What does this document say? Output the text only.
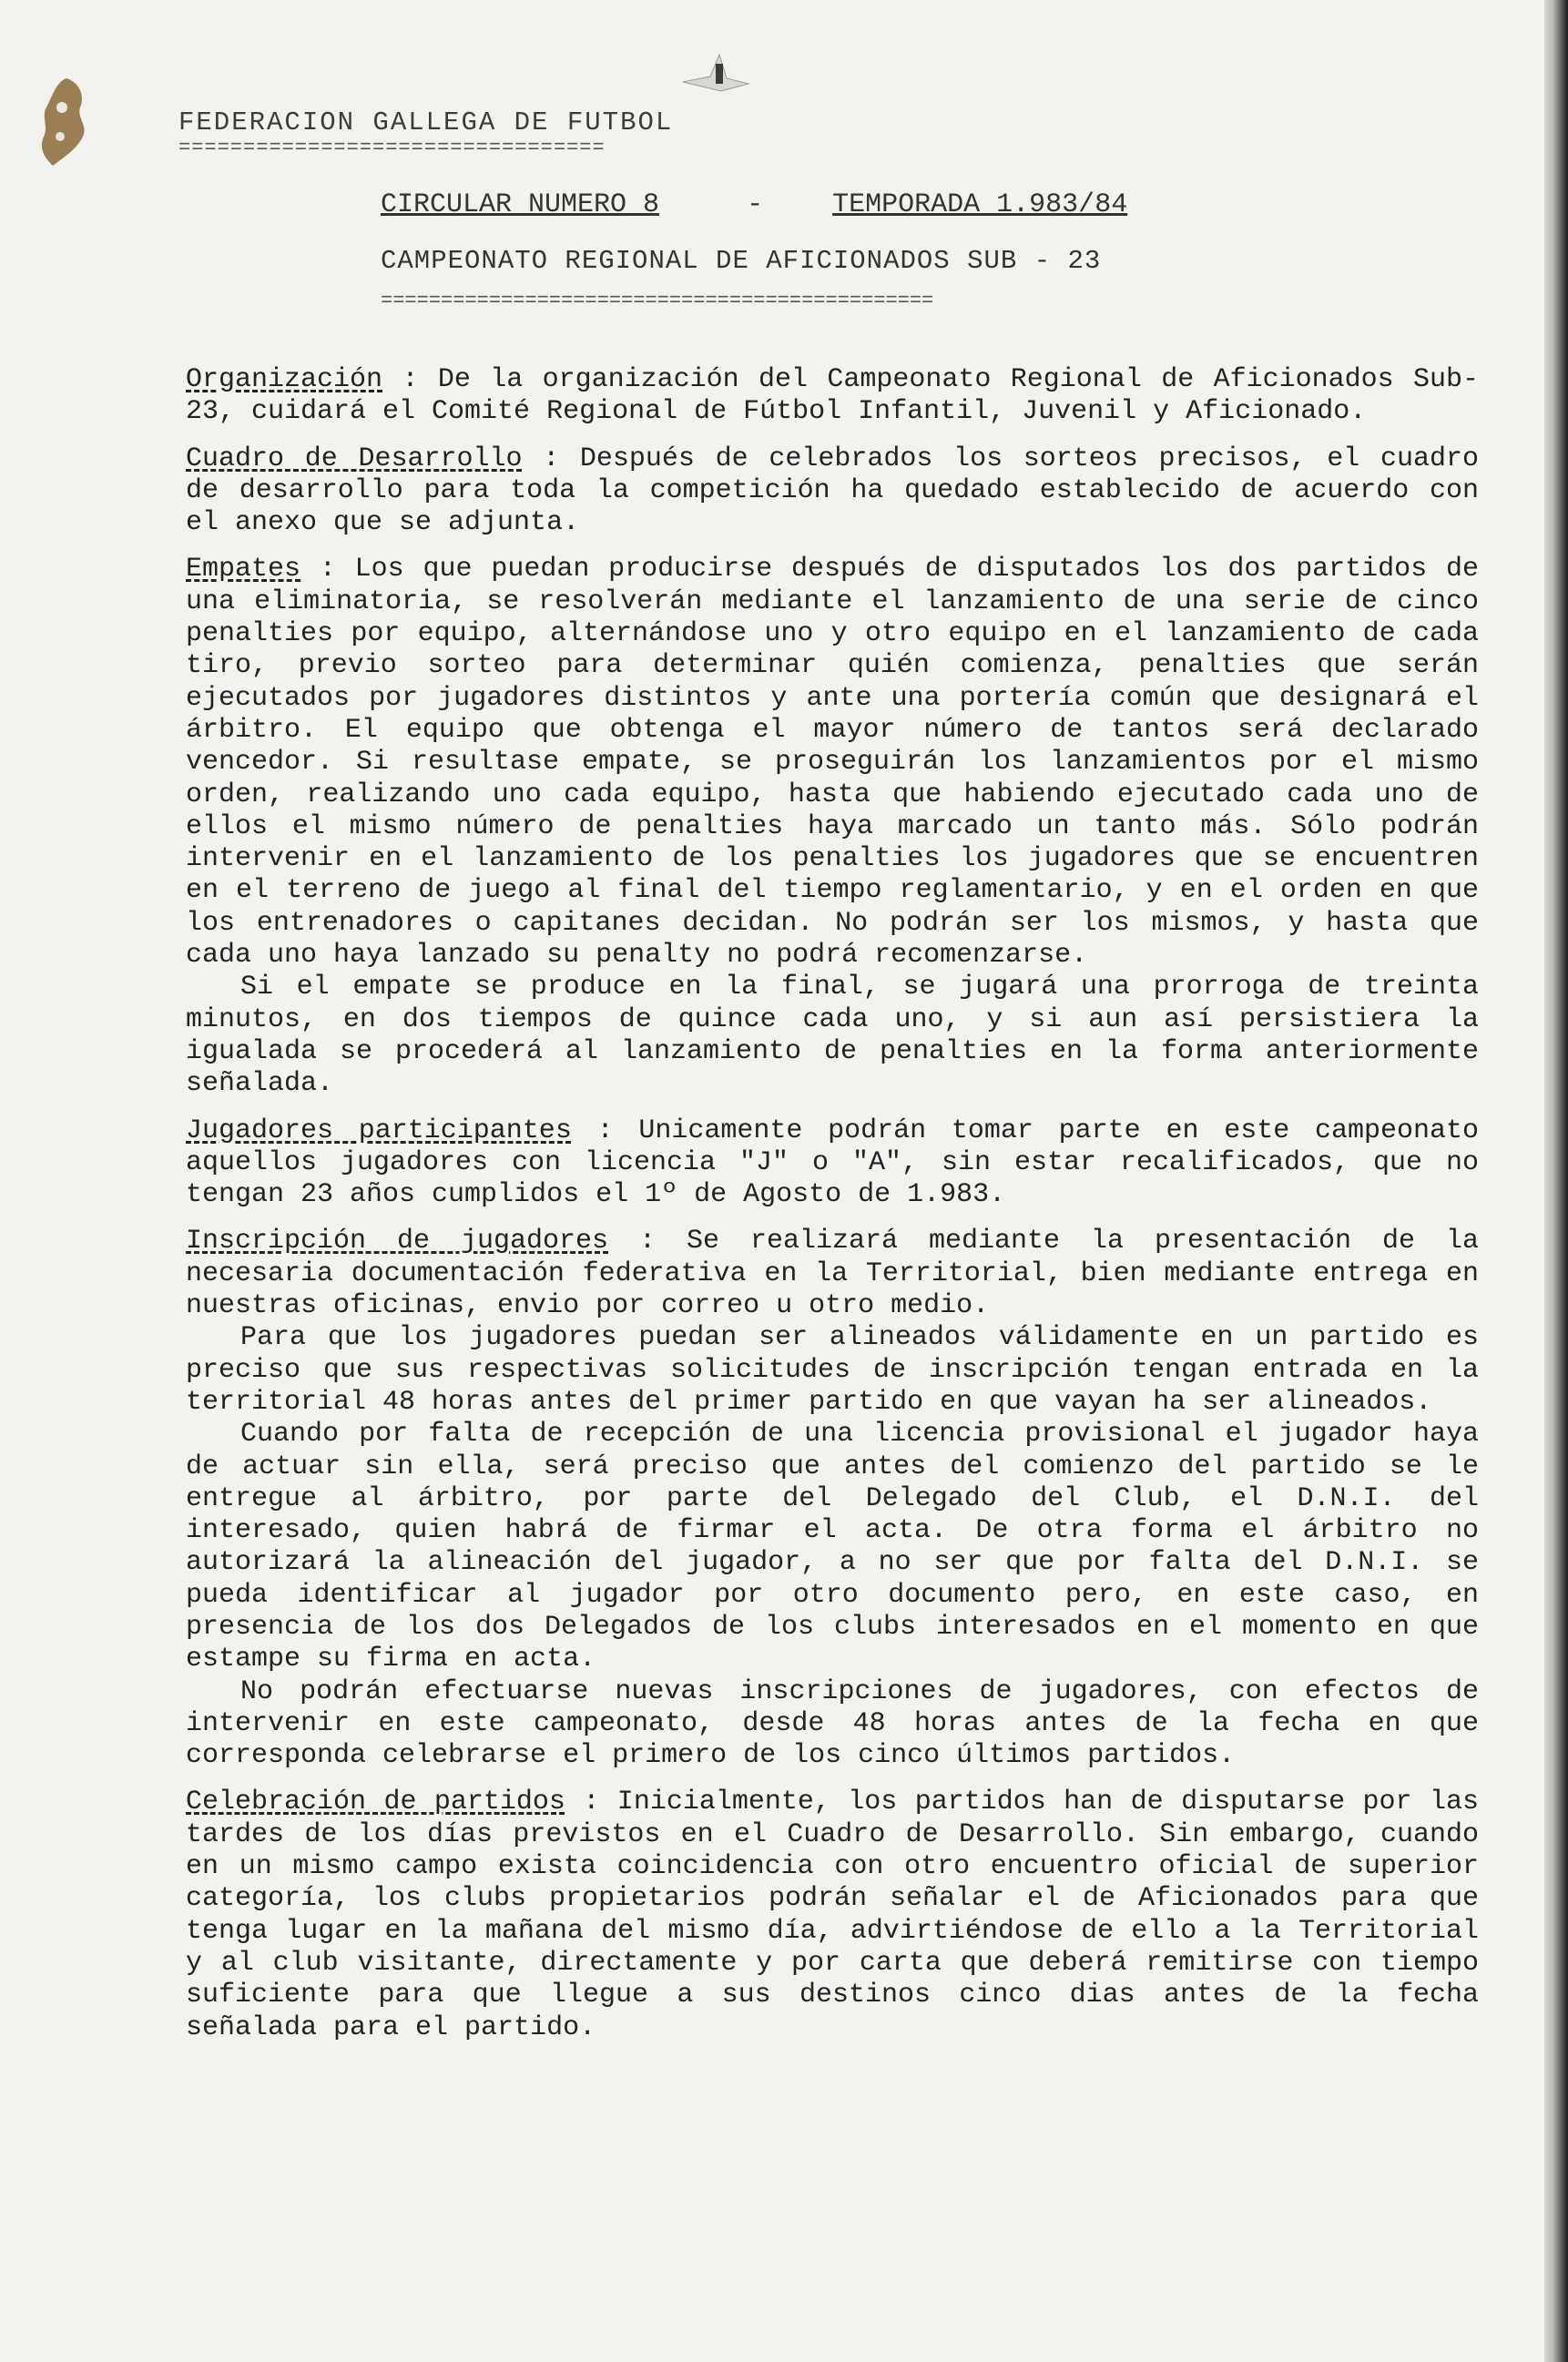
FEDERACION GALLEGA DE FUTBOL
=================================
CIRCULAR NUMERO 8	-	TEMPORADA 1.983/84
CAMPEONATO REGIONAL DE AFICIONADOS SUB - 23
==============================================

Organización : De la organización del Campeonato Regional de Aficionados Sub-23, cuidará el Comité Regional de Fútbol Infantil, Juvenil y Aficionado.

Cuadro de Desarrollo : Después de celebrados los sorteos precisos, el cuadro de desarrollo para toda la competición ha quedado establecido de acuerdo con el anexo que se adjunta.

Empates : Los que puedan producirse después de disputados los dos partidos de una eliminatoria, se resolverán mediante el lanzamiento de una serie de cinco penalties por equipo, alternándose uno y otro equipo en el lanzamiento de cada tiro, previo sorteo para determinar quién comienza, penalties que serán ejecutados por jugadores distintos y ante una portería común que designará el árbitro. El equipo que obtenga el mayor número de tantos será declarado vencedor. Si resultase empate, se proseguirán los lanzamientos por el mismo orden, realizando uno cada equipo, hasta que habiendo ejecutado cada uno de ellos el mismo número de penalties haya marcado un tanto más. Sólo podrán intervenir en el lanzamiento de los penalties los jugadores que se encuentren en el terreno de juego al final del tiempo reglamentario, y en el orden en que los entrenadores o capitanes decidan. No podrán ser los mismos, y hasta que cada uno haya lanzado su penalty no podrá recomenzarse.

Si el empate se produce en la final, se jugará una prorroga de treinta minutos, en dos tiempos de quince cada uno, y si aun así persistiera la igualada se procederá al lanzamiento de penalties en la forma anteriormente señalada.

Jugadores participantes : Unicamente podrán tomar parte en este campeonato aquellos jugadores con licencia "J" o "A", sin estar recalificados, que no tengan 23 años cumplidos el 1º de Agosto de 1.983.

Inscripción de jugadores : Se realizará mediante la presentación de la necesaria documentación federativa en la Territorial, bien mediante entrega en nuestras oficinas, envio por correo u otro medio.

Para que los jugadores puedan ser alineados válidamente en un partido es preciso que sus respectivas solicitudes de inscripción tengan entrada en la territorial 48 horas antes del primer partido en que vayan ha ser alineados.

Cuando por falta de recepción de una licencia provisional el jugador haya de actuar sin ella, será preciso que antes del comienzo del partido se le entregue al árbitro, por parte del Delegado del Club, el D.N.I. del interesado, quien habrá de firmar el acta. De otra forma el árbitro no autorizará la alineación del jugador, a no ser que por falta del D.N.I. se pueda identificar al jugador por otro documento pero, en este caso, en presencia de los dos Delegados de los clubs interesados en el momento en que estampe su firma en acta.

No podrán efectuarse nuevas inscripciones de jugadores, con efectos de intervenir en este campeonato, desde 48 horas antes de la fecha en que corresponda celebrarse el primero de los cinco últimos partidos.

Celebración de partidos : Inicialmente, los partidos han de disputarse por las tardes de los días previstos en el Cuadro de Desarrollo. Sin embargo, cuando en un mismo campo exista coincidencia con otro encuentro oficial de superior categoría, los clubs propietarios podrán señalar el de Aficionados para que tenga lugar en la mañana del mismo día, advirtiéndose de ello a la Territorial y al club visitante, directamente y por carta que deberá remitirse con tiempo suficiente para que llegue a sus destinos cinco dias antes de la fecha señalada para el partido.
